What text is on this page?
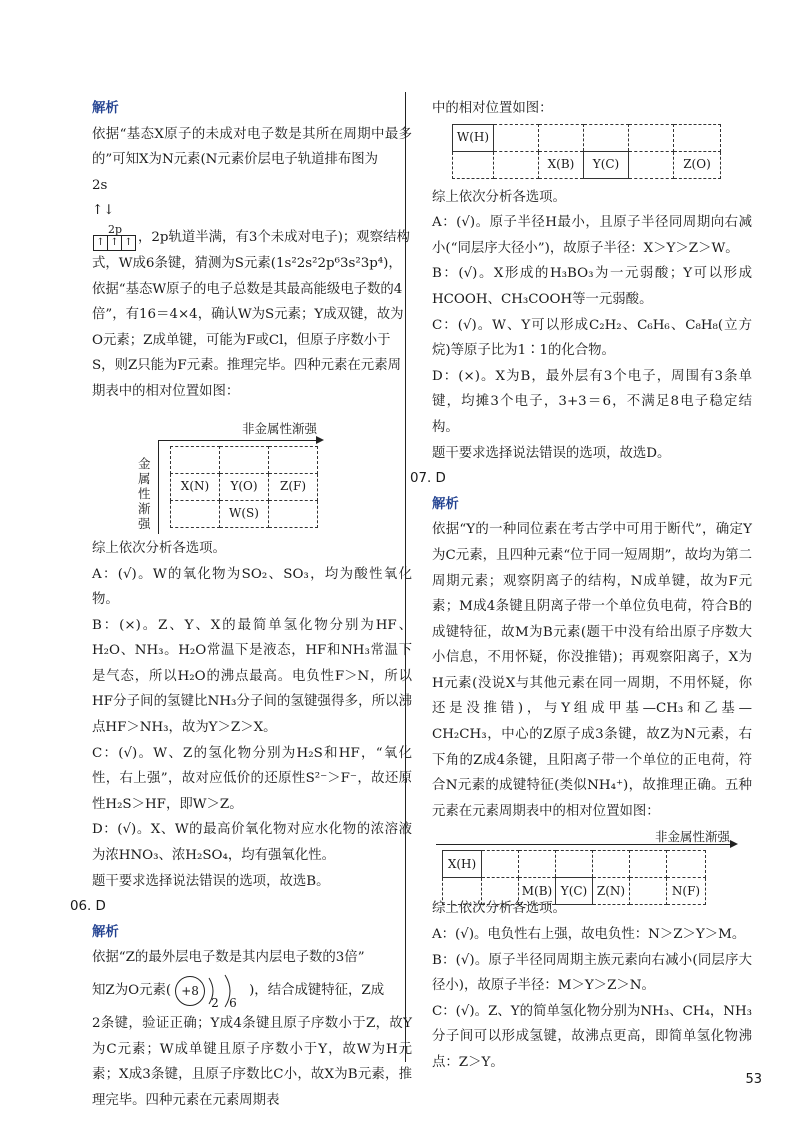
解析

依据“基态X原子的未成对电子数是其所在周期中最多的”可知X为N元素(N元素价层电子轨道排布图为

2s
↑↓
2p
↑ ↑ ↑ ，2p轨道半满，有3个未成对电子)；观察结构式，W成6条键，猜测为S元素(1s²2s²2p⁶3s²3p⁴)，依据“基态W原子的电子总数是其最高能级电子数的4倍”，有16＝4×4，确认W为S元素；Y成双键，故为O元素；Z成单键，可能为F或Cl，但原子序数小于S，则Z只能为F元素。推理完毕。四种元素在元素周期表中的相对位置如图：

非金属性渐强
金属性渐强

X(N)	Y(O)	Z(F)
	W(S)	

综上依次分析各选项。

A：(√)。W的氧化物为SO₂、SO₃，均为酸性氧化物。

B：(×)。Z、Y、X的最简单氢化物分别为HF、H₂O、NH₃。H₂O常温下是液态，HF和NH₃常温下是气态，所以H₂O的沸点最高。电负性F＞N，所以HF分子间的氢键比NH₃分子间的氢键强得多，所以沸点HF＞NH₃，故为Y＞Z＞X。

C：(√)。W、Z的氢化物分别为H₂S和HF，“氧化性，右上强”，故对应低价的还原性S²⁻＞F⁻，故还原性H₂S＞HF，即W＞Z。

D：(√)。X、W的最高价氧化物对应水化物的浓溶液为浓HNO₃、浓H₂SO₄，均有强氧化性。

题干要求选择说法错误的选项，故选B。

06. D

解析

依据“Z的最外层电子数是其内层电子数的3倍”

知Z为O元素( +8
2 6
)，结合成键特征，Z成

2条键，验证正确；Y成4条键且原子序数小于Z，故Y为C元素；W成单键且原子序数小于Y，故W为H元素；X成3条键，且原子序数比C小，故X为B元素，推理完毕。四种元素在元素周期表

中的相对位置如图：

W(H)					
		X(B)	Y(C)		Z(O)

综上依次分析各选项。

A：(√)。原子半径H最小，且原子半径同周期向右减小(“同层序大径小”)，故原子半径：X＞Y＞Z＞W。

B：(√)。X形成的H₃BO₃为一元弱酸；Y可以形成HCOOH、CH₃COOH等一元弱酸。

C：(√)。W、Y可以形成C₂H₂、C₆H₆、C₈H₈(立方烷)等原子比为1∶1的化合物。

D：(×)。X为B，最外层有3个电子，周围有3条单键，均摊3个电子，3+3＝6，不满足8电子稳定结构。

题干要求选择说法错误的选项，故选D。

07. D

解析

依据“Y的一种同位素在考古学中可用于断代”，确定Y为C元素，且四种元素“位于同一短周期”，故均为第二周期元素；观察阴离子的结构，N成单键，故为F元素；M成4条键且阴离子带一个单位负电荷，符合B的成键特征，故M为B元素(题干中没有给出原子序数大小信息，不用怀疑，你没推错)；再观察阳离子，X为H元素(没说X与其他元素在同一周期，不用怀疑，你还是没推错)，与Y组成甲基—CH₃和乙基—CH₂CH₃，中心的Z原子成3条键，故Z为N元素，右下角的Z成4条键，且阳离子带一个单位的正电荷，符合N元素的成键特征(类似NH₄⁺)，故推理正确。五种元素在元素周期表中的相对位置如图：

非金属性渐强
X(H)						
		M(B)	Y(C)	Z(N)		N(F)

综上依次分析各选项。

A：(√)。电负性右上强，故电负性：N＞Z＞Y＞M。

B：(√)。原子半径同周期主族元素向右减小(同层序大径小)，故原子半径：M＞Y＞Z＞N。

C：(√)。Z、Y的简单氢化物分别为NH₃、CH₄，NH₃分子间可以形成氢键，故沸点更高，即简单氢化物沸点：Z＞Y。

53
